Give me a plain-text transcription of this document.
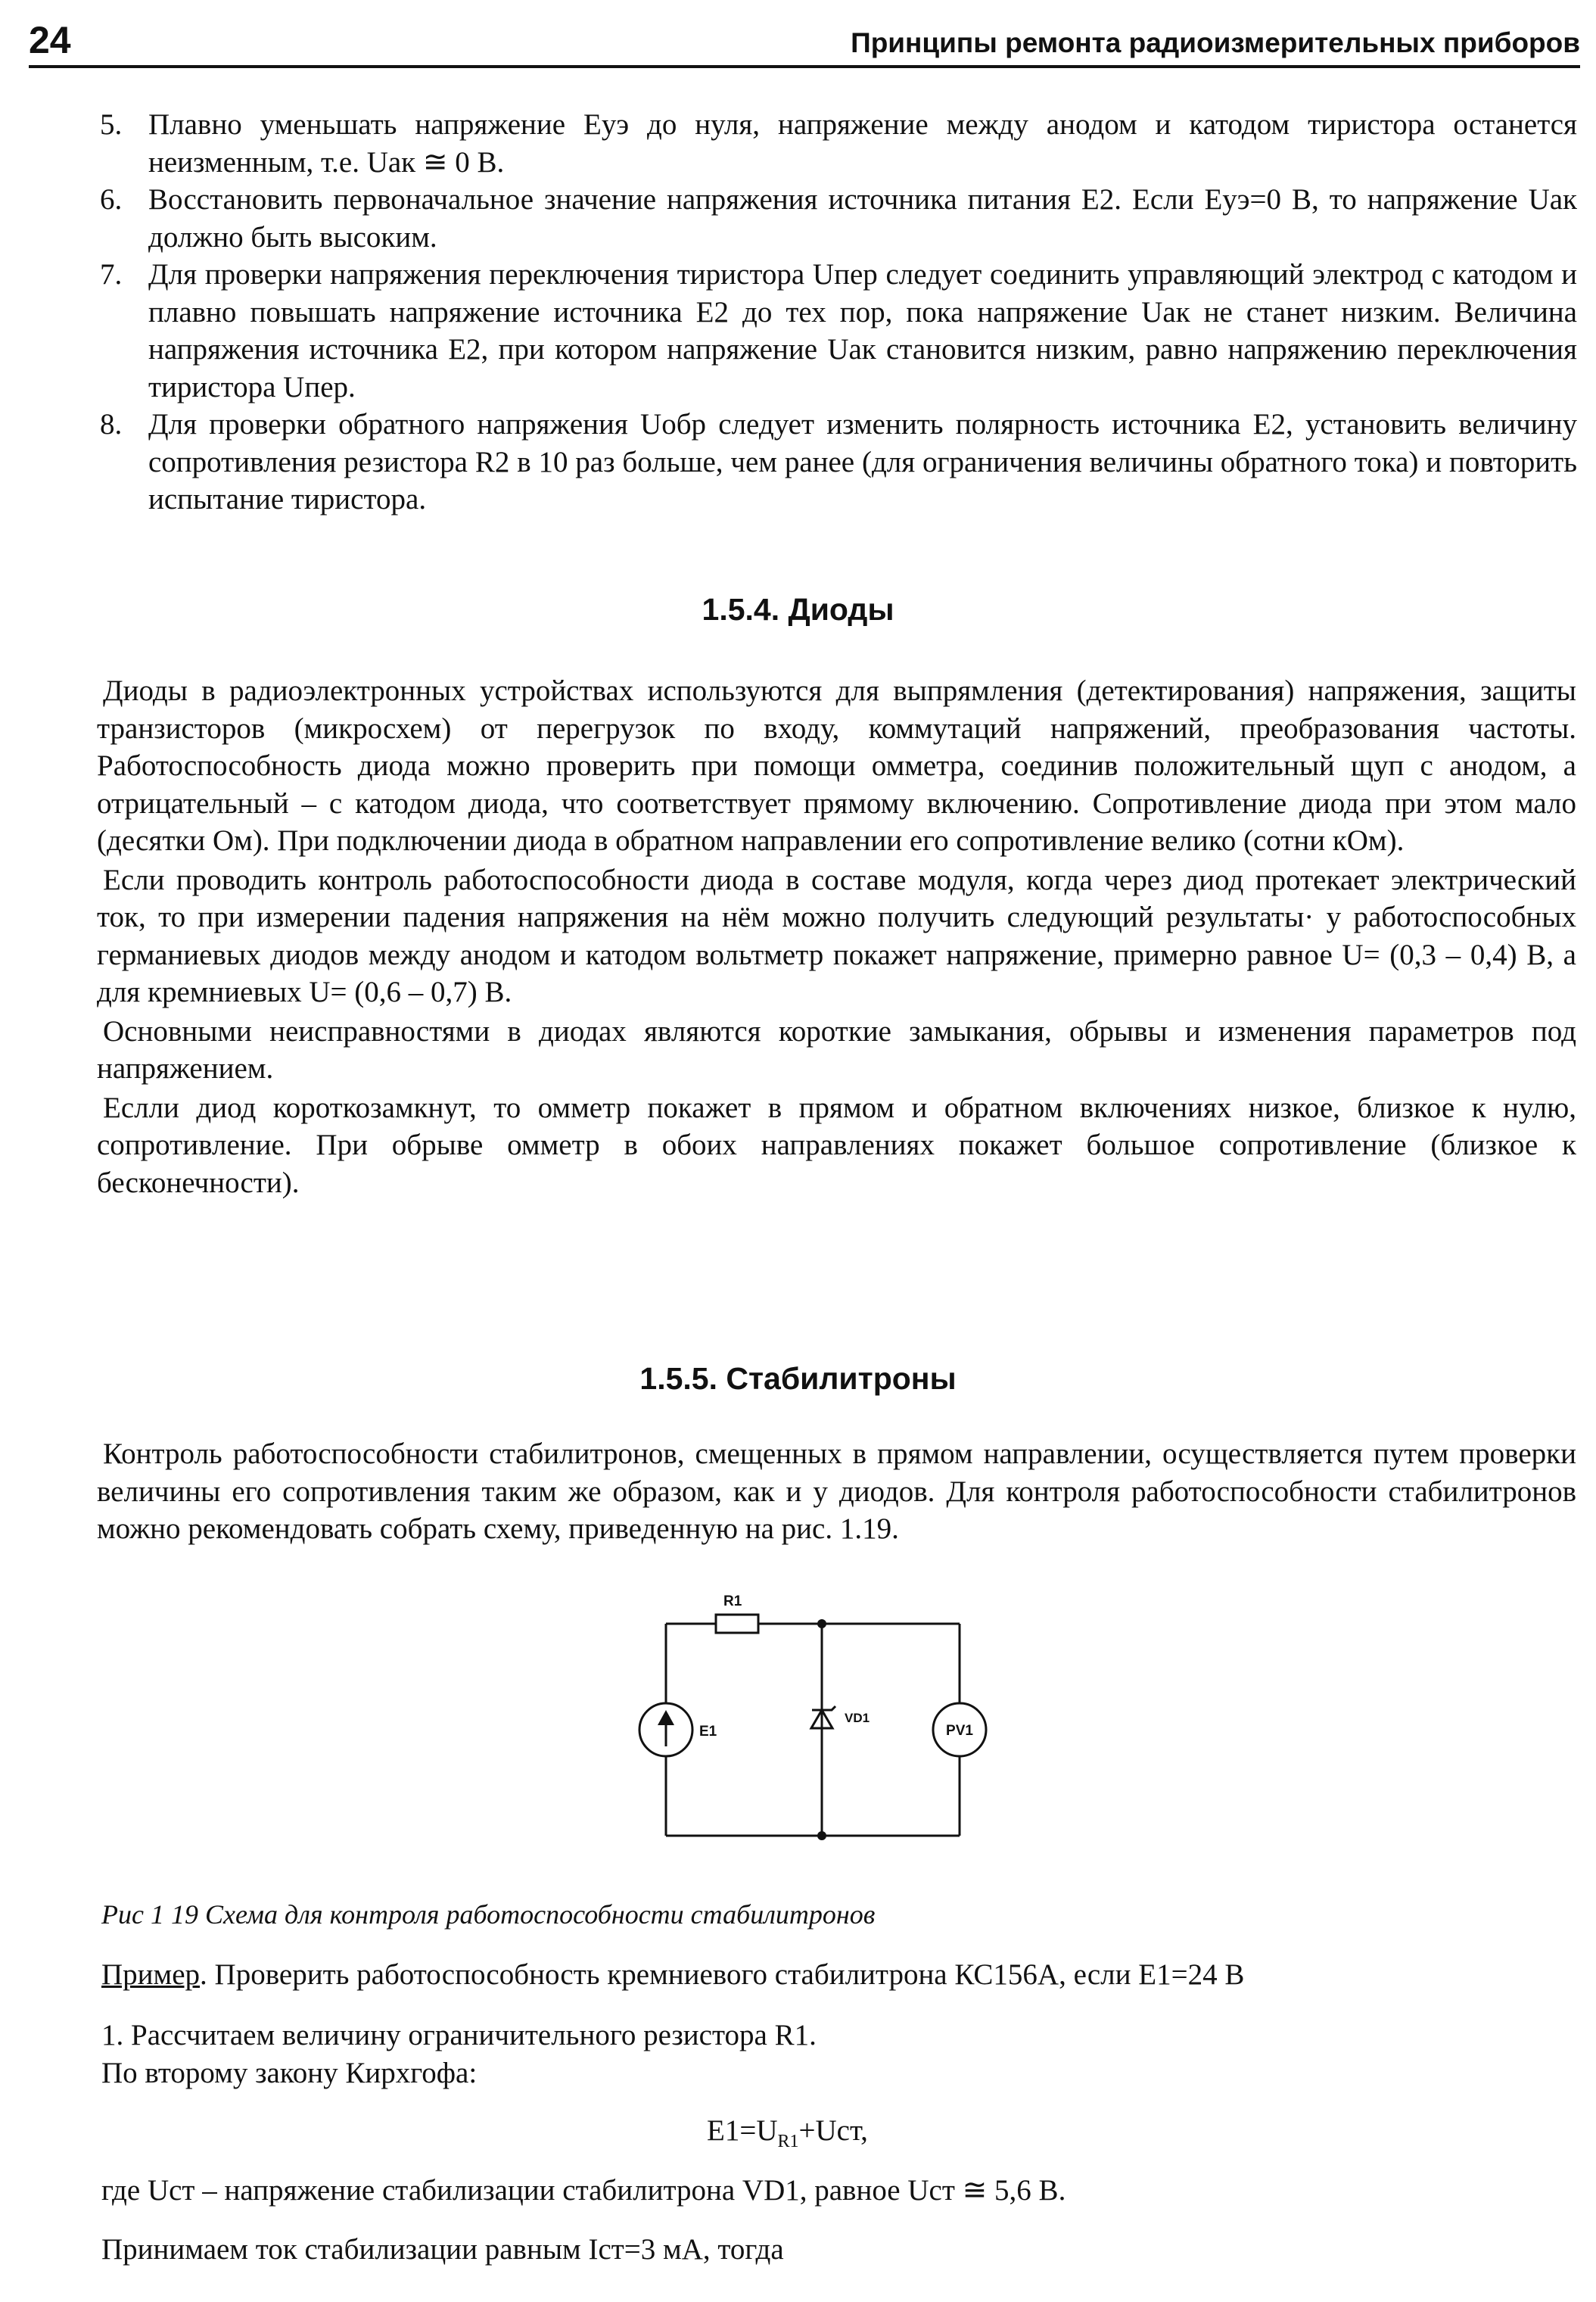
24	Принципы ремонта радиоизмерительных приборов
5. Плавно уменьшать напряжение Еуэ до нуля, напряжение между анодом и катодом тиристора останется неизменным, т.е. Uак ≅ 0 В.
6. Восстановить первоначальное значение напряжения источника питания Е2. Если Еуэ=0 В, то напряжение Uак должно быть высоким.
7. Для проверки напряжения переключения тиристора Uпер следует соединить управляющий электрод с катодом и плавно повышать напряжение источника Е2 до тех пор, пока напряжение Uак не станет низким. Величина напряжения источника Е2, при котором напряжение Uак становится низким, равно напряжению переключения тиристора Uпер.
8. Для проверки обратного напряжения Uобр следует изменить полярность источника Е2, установить величину сопротивления резистора R2 в 10 раз больше, чем ранее (для ограничения величины обратного тока) и повторить испытание тиристора.
1.5.4. Диоды

Диоды в радиоэлектронных устройствах используются для выпрямления (детектирования) напряжения, защиты транзисторов (микросхем) от перегрузок по входу, коммутаций напряжений, преобразования частоты. Работоспособность диода можно проверить при помощи омметра, соединив положительный щуп с анодом, а отрицательный – с катодом диода, что соответствует прямому включению. Сопротивление диода при этом мало (десятки Ом). При подключении диода в обратном направлении его сопротивление велико (сотни кОм).

Если проводить контроль работоспособности диода в составе модуля, когда через диод протекает электрический ток, то при измерении падения напряжения на нём можно получить следующий результаты· у работоспособных германиевых диодов между анодом и катодом вольтметр покажет напряжение, примерно равное U= (0,3 – 0,4) В, а для кремниевых U= (0,6 – 0,7) В.

Основными неисправностями в диодах являются короткие замыкания, обрывы и изменения параметров под напряжением.

Еслли диод короткозамкнут, то омметр покажет в прямом и обратном включениях низкое, близкое к нулю, сопротивление. При обрыве омметр в обоих направлениях покажет большое сопротивление (близкое к бесконечности).

1.5.5. Стабилитроны

Контроль работоспособности стабилитронов, смещенных в прямом направлении, осуществляется путем проверки величины его сопротивления таким же образом, как и у диодов. Для контроля работоспособности стабилитронов можно рекомендовать собрать схему, приведенную на рис. 1.19.

R1
E1
VD1
PV1
Рис 1 19 Схема для контроля работоспособности стабилитронов
Пример. Проверить работоспособность кремниевого стабилитрона КС156А, если Е1=24 В
1. Рассчитаем величину ограничительного резистора R1.
По второму закону Кирхгофа:
$E1=U_{R1}+Uст$,
где Uст – напряжение стабилизации стабилитрона VD1, равное Uст ≅ 5,6 В.
Принимаем ток стабилизации равным Iст=3 мА, тогда
